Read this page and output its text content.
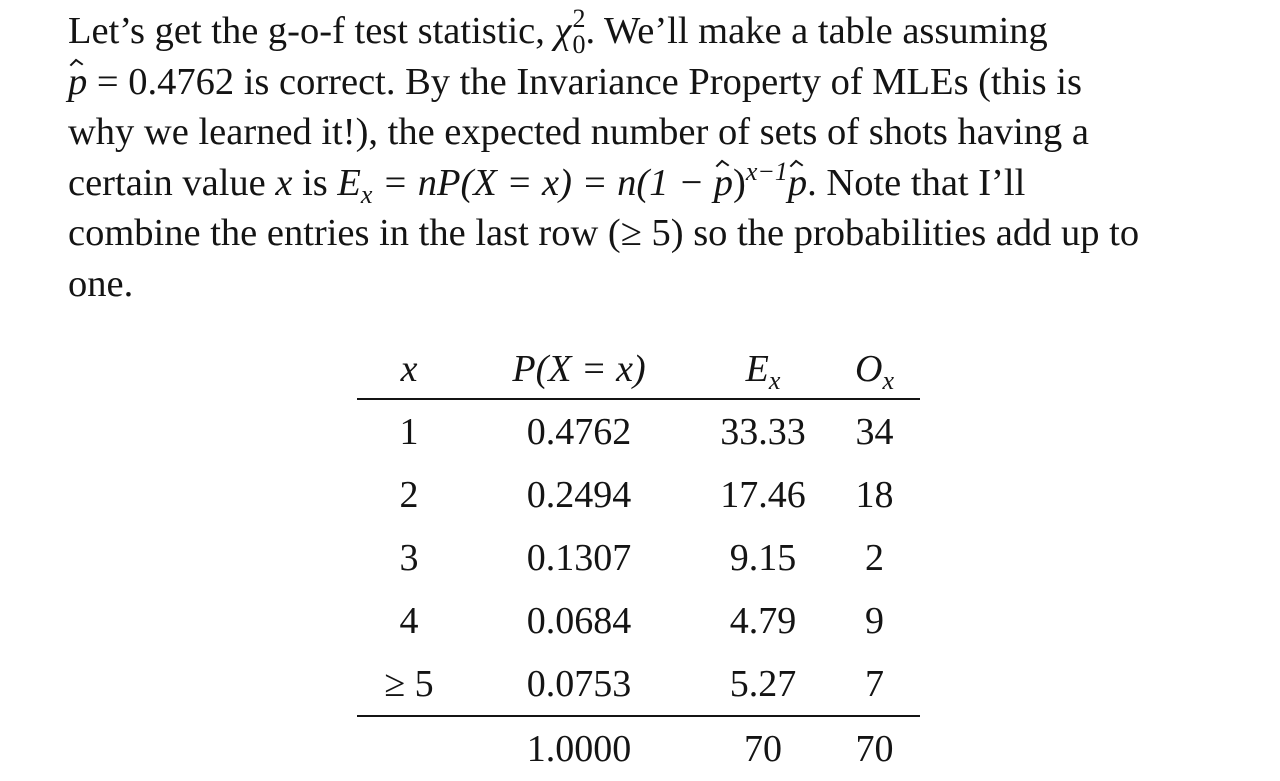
Let’s get the g-o-f test statistic, χ 2
0 . We’ll make a table assuming
p = 0.4762 is correct. By the Invariance Property of MLEs (this is
why we learned it!), the expected number of sets of shots having a
certain value x is $E_x = nP(X = x) = n(1 - p)^{x-1}p$. Note that I’ll
combine the entries in the last row (≥ 5) so the probabilities add up to
one.
x	P(X = x)	$E_x$	$O_x$
1	0.4762	33.33	34
2	0.2494	17.46	18
3	0.1307	9.15	2
4	0.0684	4.79	9
≥ 5	0.0753	5.27	7
	1.0000	70	70
